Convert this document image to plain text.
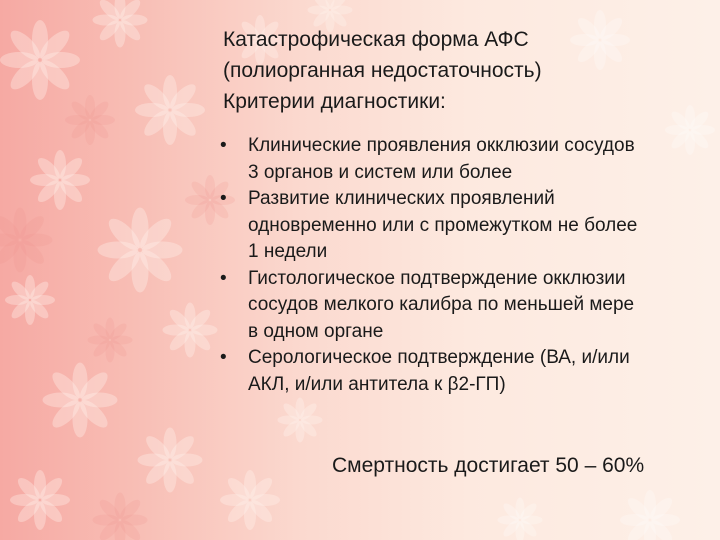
Катастрофическая форма АФС
(полиорганная недостаточность)
Критерии диагностики:
• Клинические проявления окклюзии сосудов
3 органов и систем или более
• Развитие клинических проявлений
одновременно или с промежутком не более
1 недели
• Гистологическое подтверждение окклюзии
сосудов мелкого калибра по меньшей мере
в одном органе
• Серологическое подтверждение (ВА, и/или
АКЛ, и/или антитела к β2-ГП)
Смертность достигает 50 – 60%
